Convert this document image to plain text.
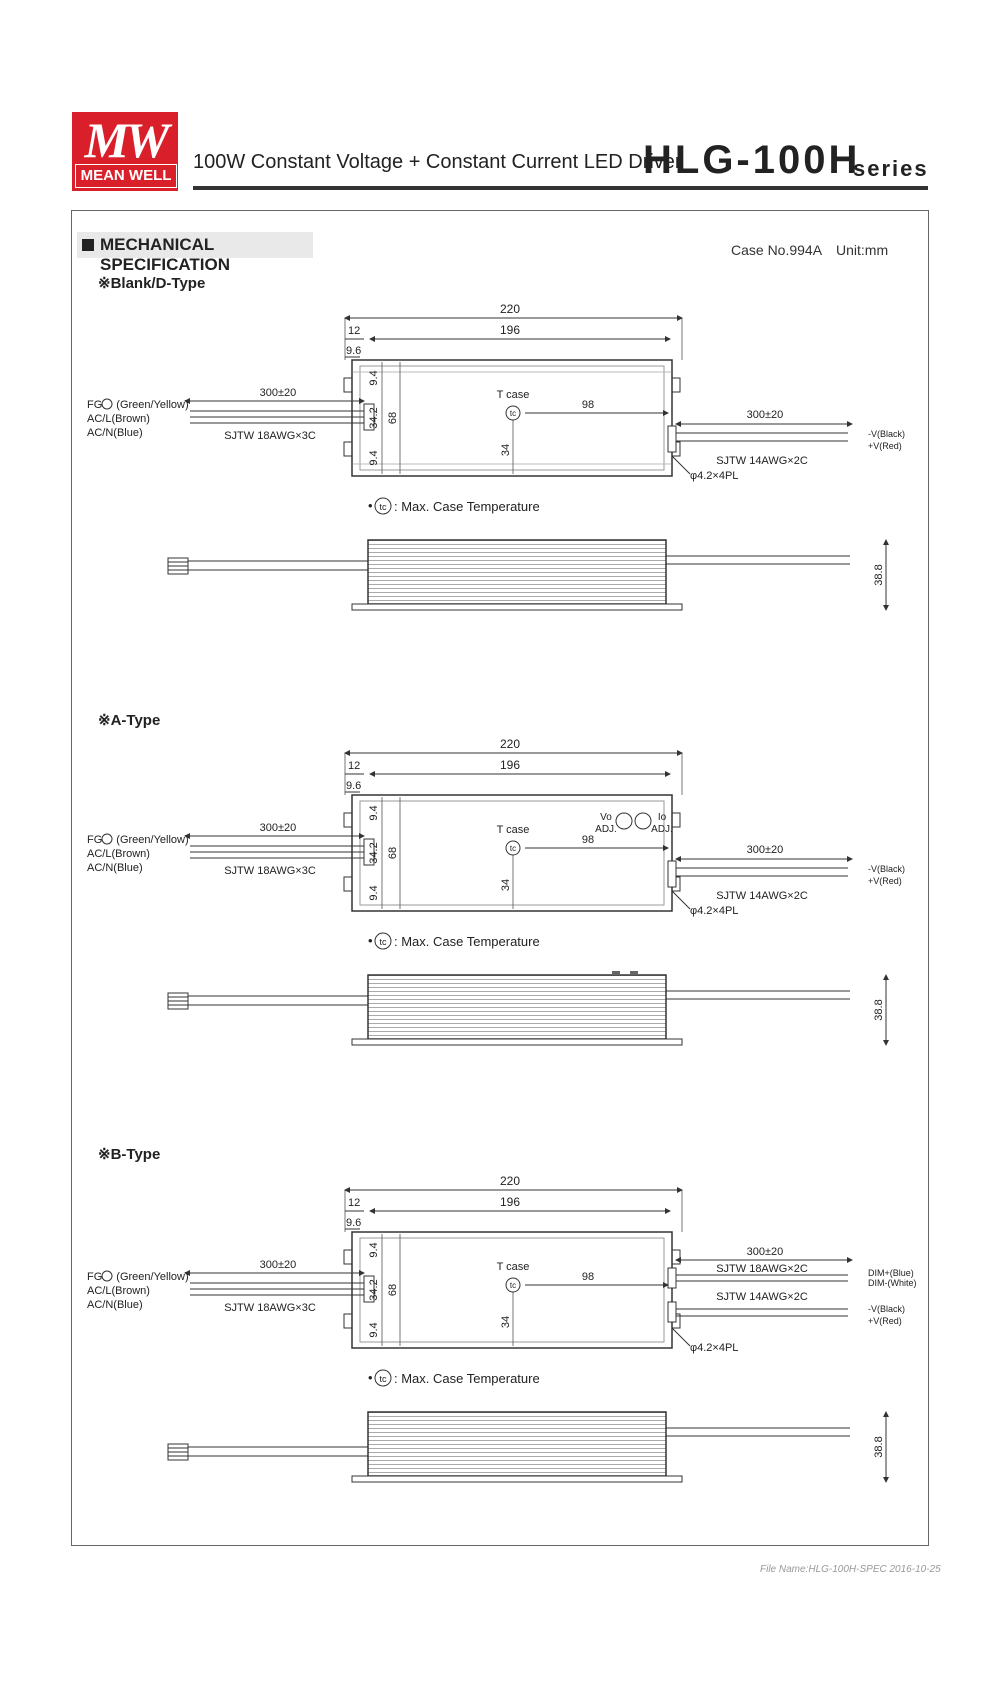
MW
MEAN WELL
100W Constant Voltage + Constant Current LED Driver
HLG-100H
series
MECHANICAL SPECIFICATION
Case No.994A Unit:mm
※Blank/D-Type
※A-Type
※B-Type
220
196
12
9.6
9.4
34.2
9.4
68
34
T case
tc
98
300±20
SJTW 18AWG×3C
FG (Green/Yellow)
AC/L(Brown)
AC/N(Blue)
300±20
SJTW 14AWG×2C
-V(Black)
+V(Red)
φ4.2×4PL
• tc : Max. Case Temperature
38.8
Vo
ADJ.
Io
ADJ.
220
196
12
9.6
9.4
34.2
9.4
68
34
T case
tc
98
300±20
SJTW 18AWG×3C
FG (Green/Yellow)
AC/L(Brown)
AC/N(Blue)
300±20
SJTW 14AWG×2C
-V(Black)
+V(Red)
φ4.2×4PL
• tc : Max. Case Temperature
38.8
220
196
12
9.6
9.4
34.2
9.4
68
34
T case
tc
98
300±20
SJTW 18AWG×3C
FG (Green/Yellow)
AC/L(Brown)
AC/N(Blue)
300±20
SJTW 18AWG×2C
SJTW 14AWG×2C
DIM+(Blue)
DIM-(White)
-V(Black)
+V(Red)
φ4.2×4PL
• tc : Max. Case Temperature
38.8
File Name:HLG-100H-SPEC 2016-10-25
